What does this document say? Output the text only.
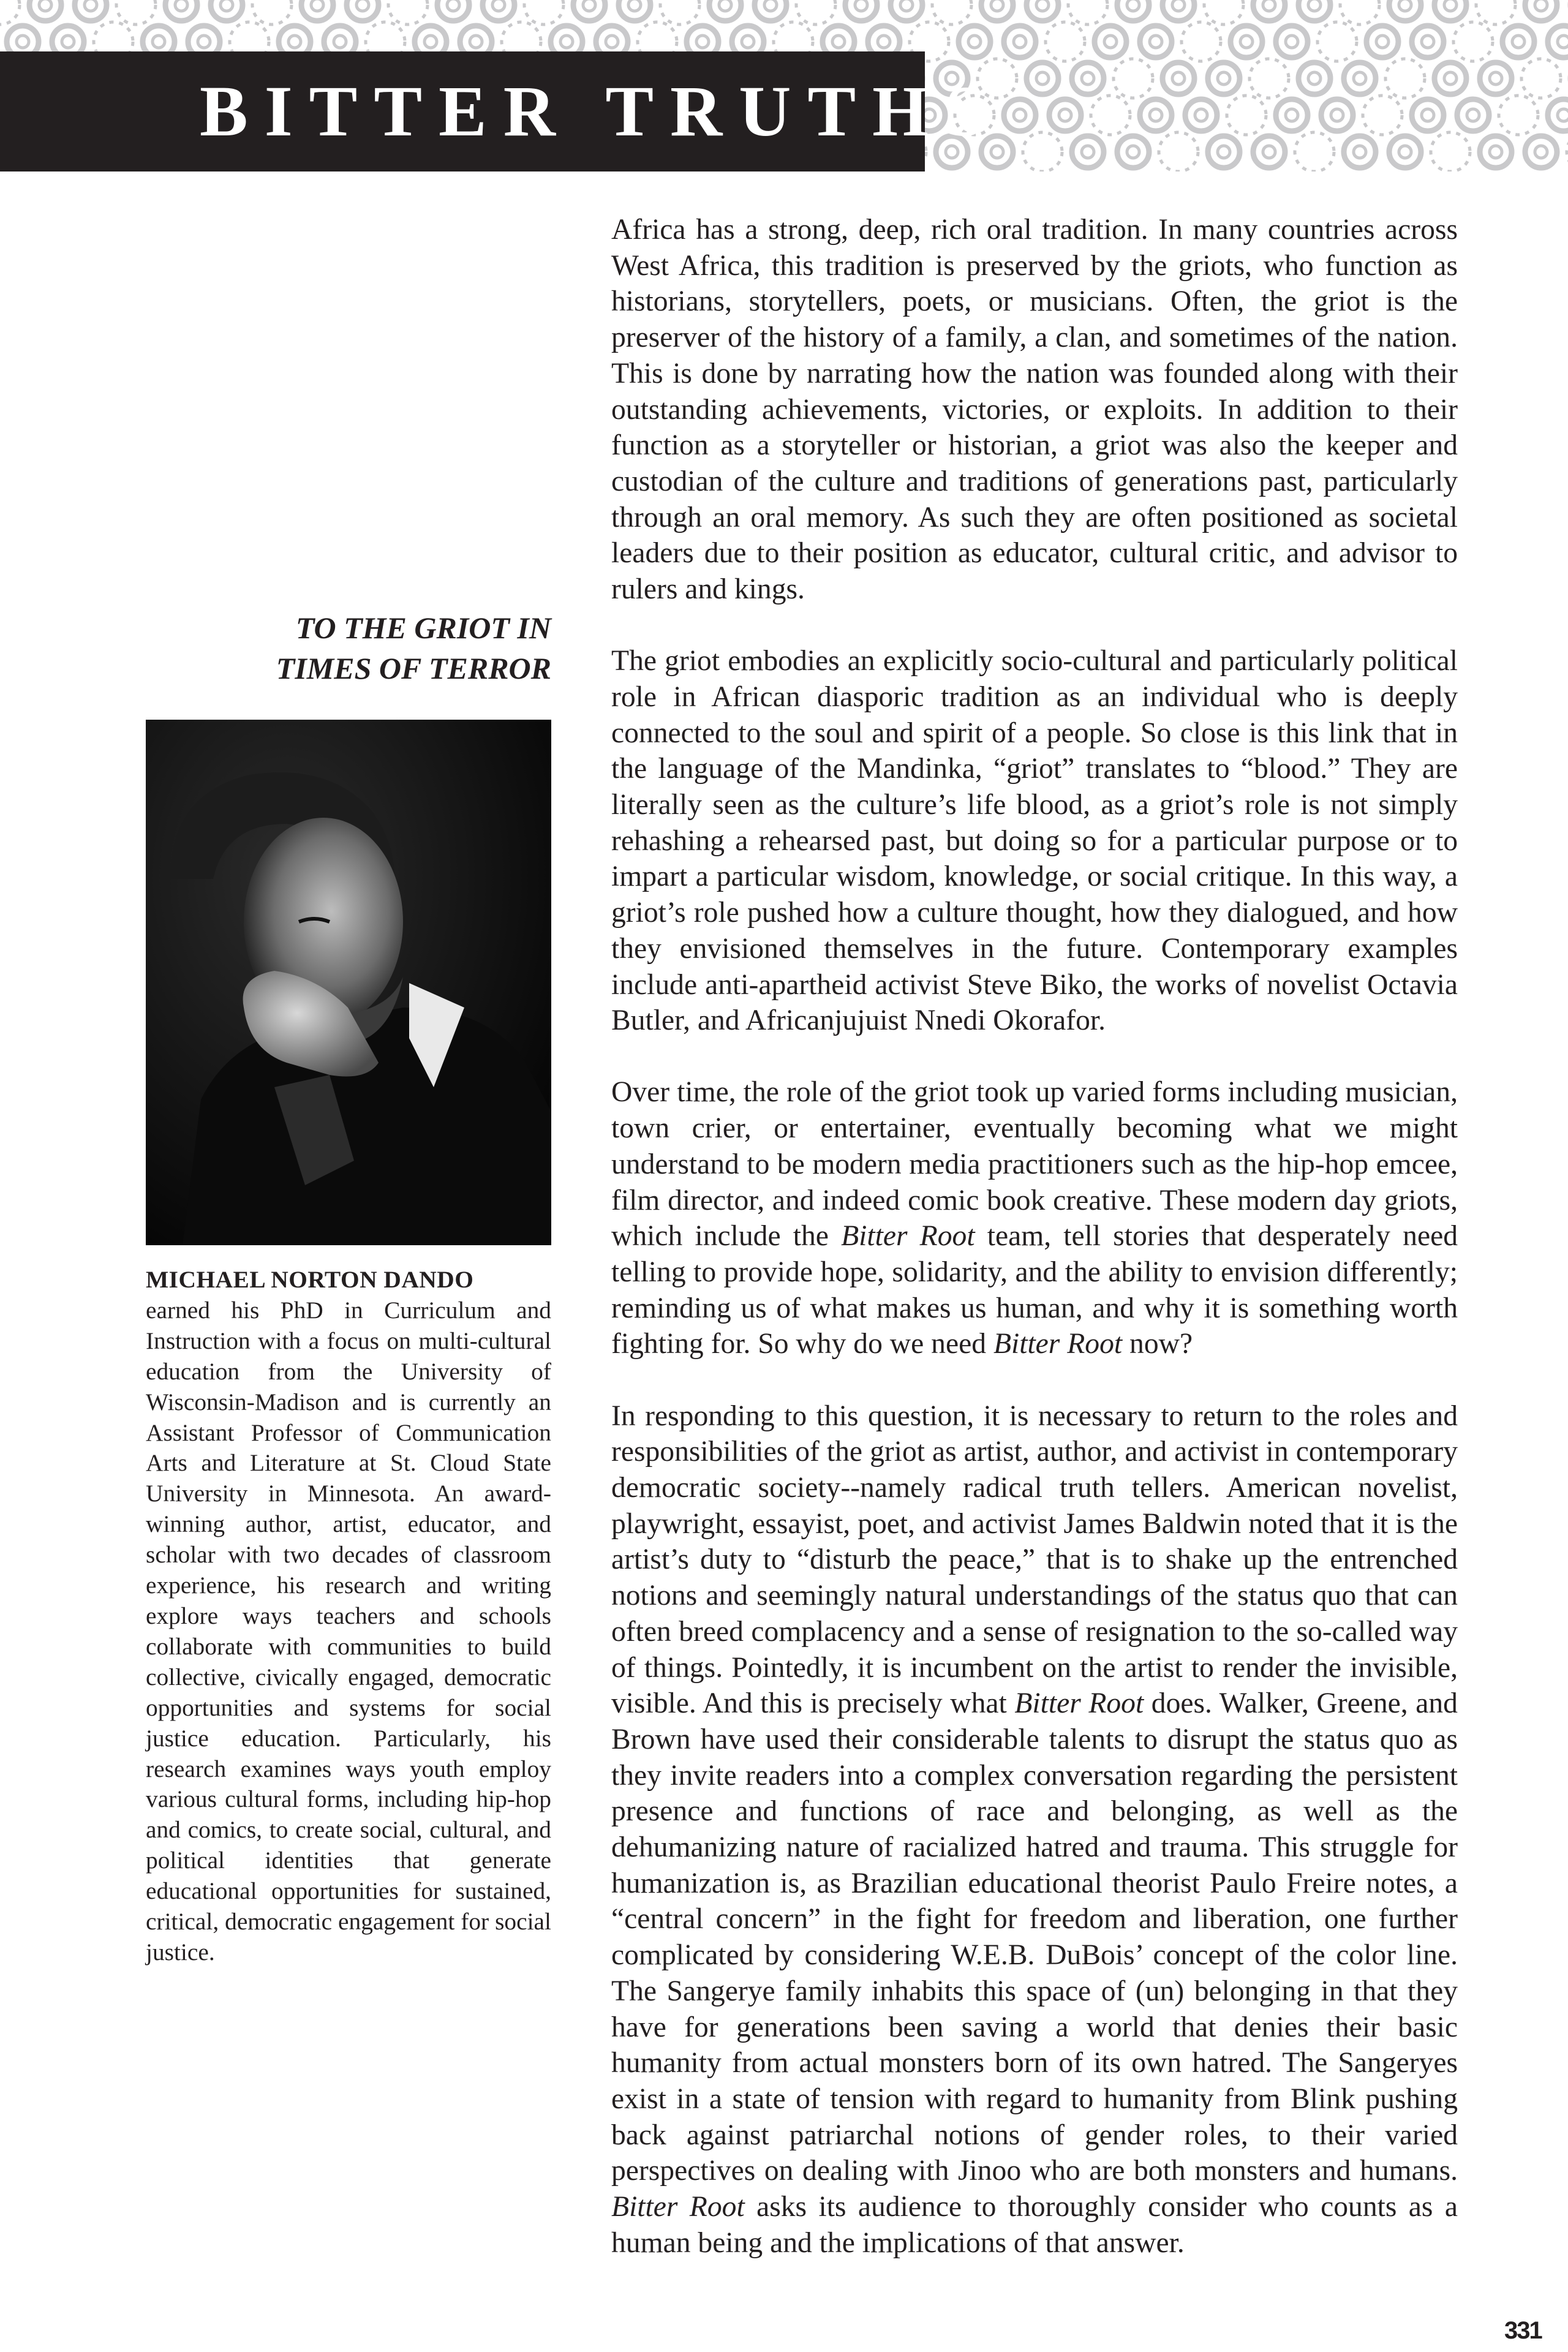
BITTER TRUTHS

Africa has a strong, deep, rich oral tradition. In many countries across West Africa, this tradition is preserved by the griots, who function as historians, storytellers, poets, or musicians. Often, the griot is the preserver of the history of a family, a clan, and sometimes of the nation. This is done by narrating how the nation was founded along with their outstanding achievements, victories, or exploits. In addition to their function as a storyteller or historian, a griot was also the keeper and custodian of the culture and traditions of generations past, particularly through an oral memory. As such they are often positioned as societal leaders due to their position as educator, cultural critic, and advisor to rulers and kings.

The griot embodies an explicitly socio-cultural and particularly political role in African diasporic tradition as an individual who is deeply connected to the soul and spirit of a people. So close is this link that in the language of the Mandinka, “griot” translates to “blood.” They are literally seen as the culture’s life blood, as a griot’s role is not simply rehashing a rehearsed past, but doing so for a particular purpose or to impart a particular wisdom, knowledge, or social critique. In this way, a griot’s role pushed how a culture thought, how they dialogued, and how they envisioned themselves in the future. Contemporary examples include anti-apartheid activist Steve Biko, the works of novelist Octavia Butler, and Africanjujuist Nnedi Okorafor.

Over time, the role of the griot took up varied forms including musician, town crier, or entertainer, eventually becoming what we might understand to be modern media practitioners such as the hip-hop emcee, film director, and indeed comic book creative. These modern day griots, which include the Bitter Root team, tell stories that desperately need telling to provide hope, solidarity, and the ability to envision differently; reminding us of what makes us human, and why it is something worth fighting for. So why do we need Bitter Root now?

In responding to this question, it is necessary to return to the roles and responsibilities of the griot as artist, author, and activist in contemporary democratic society--namely radical truth tellers. American novelist, playwright, essayist, poet, and activist James Baldwin noted that it is the artist’s duty to “disturb the peace,” that is to shake up the entrenched notions and seemingly natural understandings of the status quo that can often breed complacency and a sense of resignation to the so-called way of things. Pointedly, it is incumbent on the artist to render the invisible, visible. And this is precisely what Bitter Root does. Walker, Greene, and Brown have used their considerable talents to disrupt the status quo as they invite readers into a complex conversation regarding the persistent presence and functions of race and belonging, as well as the dehumanizing nature of racialized hatred and trauma. This struggle for humanization is, as Brazilian educational theorist Paulo Freire notes, a “central concern” in the fight for freedom and liberation, one further complicated by considering W.E.B. DuBois’ concept of the color line. The Sangerye family inhabits this space of (un) belonging in that they have for generations been saving a world that denies their basic humanity from actual monsters born of its own hatred. The Sangeryes exist in a state of tension with regard to humanity from Blink pushing back against patriarchal notions of gender roles, to their varied perspectives on dealing with Jinoo who are both monsters and humans. Bitter Root asks its audience to thoroughly consider who counts as a human being and the implications of that answer.

TO THE GRIOT IN
TIMES OF TERROR
MICHAEL NORTON DANDO
earned his PhD in Curriculum and Instruction with a focus on multi-cultural education from the University of Wisconsin-Madison and is currently an Assistant Professor of Communication Arts and Literature at St. Cloud State University in Minnesota. An award-winning author, artist, educator, and scholar with two decades of classroom experience, his research and writing explore ways teachers and schools collaborate with communities to build collective, civically engaged, democratic opportunities and systems for social justice education. Particularly, his research examines ways youth employ various cultural forms, including hip-hop and comics, to create social, cultural, and political identities that generate educational opportunities for sustained, critical, democratic engagement for social justice.
331
